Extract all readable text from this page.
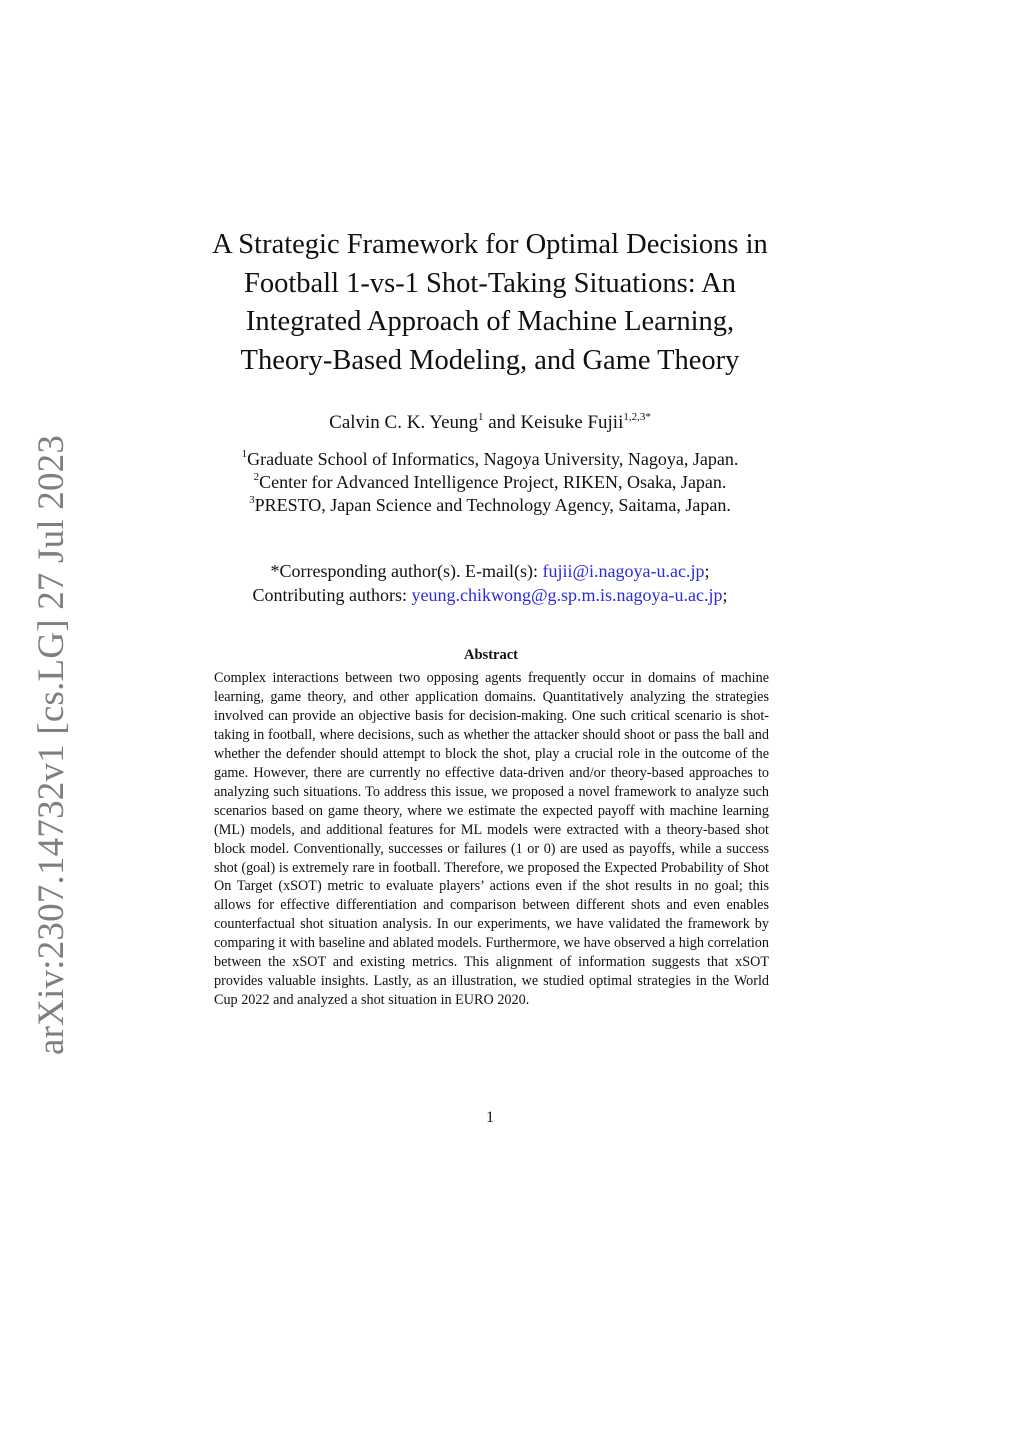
arXiv:2307.14732v1 [cs.LG] 27 Jul 2023
A Strategic Framework for Optimal Decisions in
Football 1-vs-1 Shot-Taking Situations: An
Integrated Approach of Machine Learning,
Theory-Based Modeling, and Game Theory
Calvin C. K. Yeung$^1$ and Keisuke Fujii$^{1,2,3*}$
$^1$Graduate School of Informatics, Nagoya University, Nagoya, Japan.
$^2$Center for Advanced Intelligence Project, RIKEN, Osaka, Japan.
$^3$PRESTO, Japan Science and Technology Agency, Saitama, Japan.
*Corresponding author(s). E-mail(s): fujii@i.nagoya-u.ac.jp;
Contributing authors: yeung.chikwong@g.sp.m.is.nagoya-u.ac.jp;
Abstract

Complex interactions between two opposing agents frequently occur in domains of machine learning, game theory, and other application domains. Quantitatively analyzing the strategies involved can provide an objective basis for decision-making. One such critical scenario is shot-taking in football, where decisions, such as whether the attacker should shoot or pass the ball and whether the defender should attempt to block the shot, play a crucial role in the outcome of the game. However, there are currently no effective data-driven and/or theory-based approaches to analyzing such situations. To address this issue, we proposed a novel framework to analyze such scenarios based on game theory, where we estimate the expected payoff with machine learning (ML) models, and additional features for ML models were extracted with a theory-based shot block model. Conventionally, successes or failures (1 or 0) are used as payoffs, while a success shot (goal) is extremely rare in football. Therefore, we proposed the Expected Probability of Shot On Target (xSOT) metric to evaluate players’ actions even if the shot results in no goal; this allows for effective differentiation and comparison between different shots and even enables counterfactual shot situation analysis. In our experiments, we have validated the framework by comparing it with baseline and ablated models. Furthermore, we have observed a high correlation between the xSOT and existing metrics. This alignment of information suggests that xSOT provides valuable insights. Lastly, as an illustration, we studied optimal strategies in the World Cup 2022 and analyzed a shot situation in EURO 2020.

1
